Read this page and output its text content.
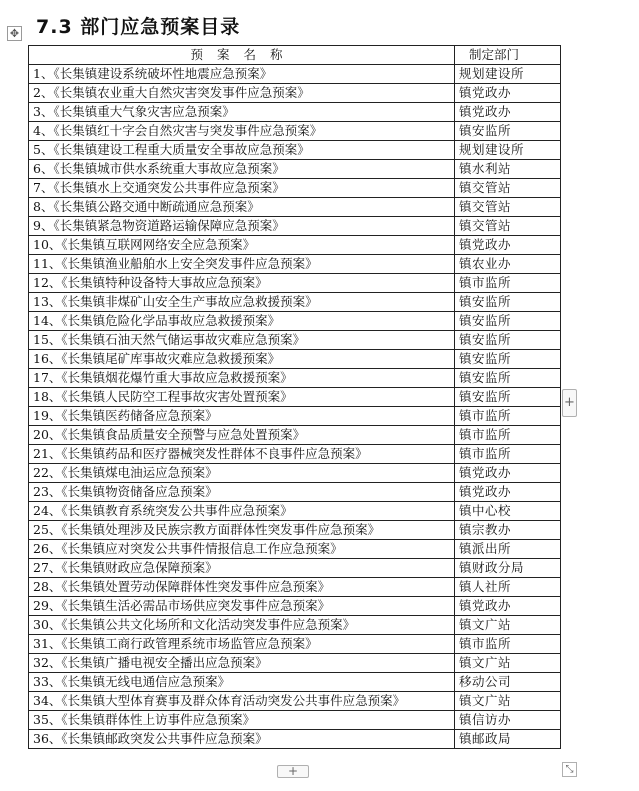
7.3 部门应急预案目录
✥
预案名称	制定部门
1、《长集镇建设系统破坏性地震应急预案》	规划建设所
2、《长集镇农业重大自然灾害突发事件应急预案》	镇党政办
3、《长集镇重大气象灾害应急预案》	镇党政办
4、《长集镇红十字会自然灾害与突发事件应急预案》	镇安监所
5、《长集镇建设工程重大质量安全事故应急预案》	规划建设所
6、《长集镇城市供水系统重大事故应急预案》	镇水利站
7、《长集镇水上交通突发公共事件应急预案》	镇交管站
8、《长集镇公路交通中断疏通应急预案》	镇交管站
9、《长集镇紧急物资道路运输保障应急预案》	镇交管站
10、《长集镇互联网网络安全应急预案》	镇党政办
11、《长集镇渔业船舶水上安全突发事件应急预案》	镇农业办
12、《长集镇特种设备特大事故应急预案》	镇市监所
13、《长集镇非煤矿山安全生产事故应急救援预案》	镇安监所
14、《长集镇危险化学品事故应急救援预案》	镇安监所
15、《长集镇石油天然气储运事故灾难应急预案》	镇安监所
16、《长集镇尾矿库事故灾难应急救援预案》	镇安监所
17、《长集镇烟花爆竹重大事故应急救援预案》	镇安监所
18、《长集镇人民防空工程事故灾害处置预案》	镇安监所
19、《长集镇医药储备应急预案》	镇市监所
20、《长集镇食品质量安全预警与应急处置预案》	镇市监所
21、《长集镇药品和医疗器械突发性群体不良事件应急预案》	镇市监所
22、《长集镇煤电油运应急预案》	镇党政办
23、《长集镇物资储备应急预案》	镇党政办
24、《长集镇教育系统突发公共事件应急预案》	镇中心校
25、《长集镇处理涉及民族宗教方面群体性突发事件应急预案》	镇宗教办
26、《长集镇应对突发公共事件情报信息工作应急预案》	镇派出所
27、《长集镇财政应急保障预案》	镇财政分局
28、《长集镇处置劳动保障群体性突发事件应急预案》	镇人社所
29、《长集镇生活必需品市场供应突发事件应急预案》	镇党政办
30、《长集镇公共文化场所和文化活动突发事件应急预案》	镇文广站
31、《长集镇工商行政管理系统市场监管应急预案》	镇市监所
32、《长集镇广播电视安全播出应急预案》	镇文广站
33、《长集镇无线电通信应急预案》	移动公司
34、《长集镇大型体育赛事及群众体育活动突发公共事件应急预案》	镇文广站
35、《长集镇群体性上访事件应急预案》	镇信访办
36、《长集镇邮政突发公共事件应急预案》	镇邮政局
+
+	⤡
